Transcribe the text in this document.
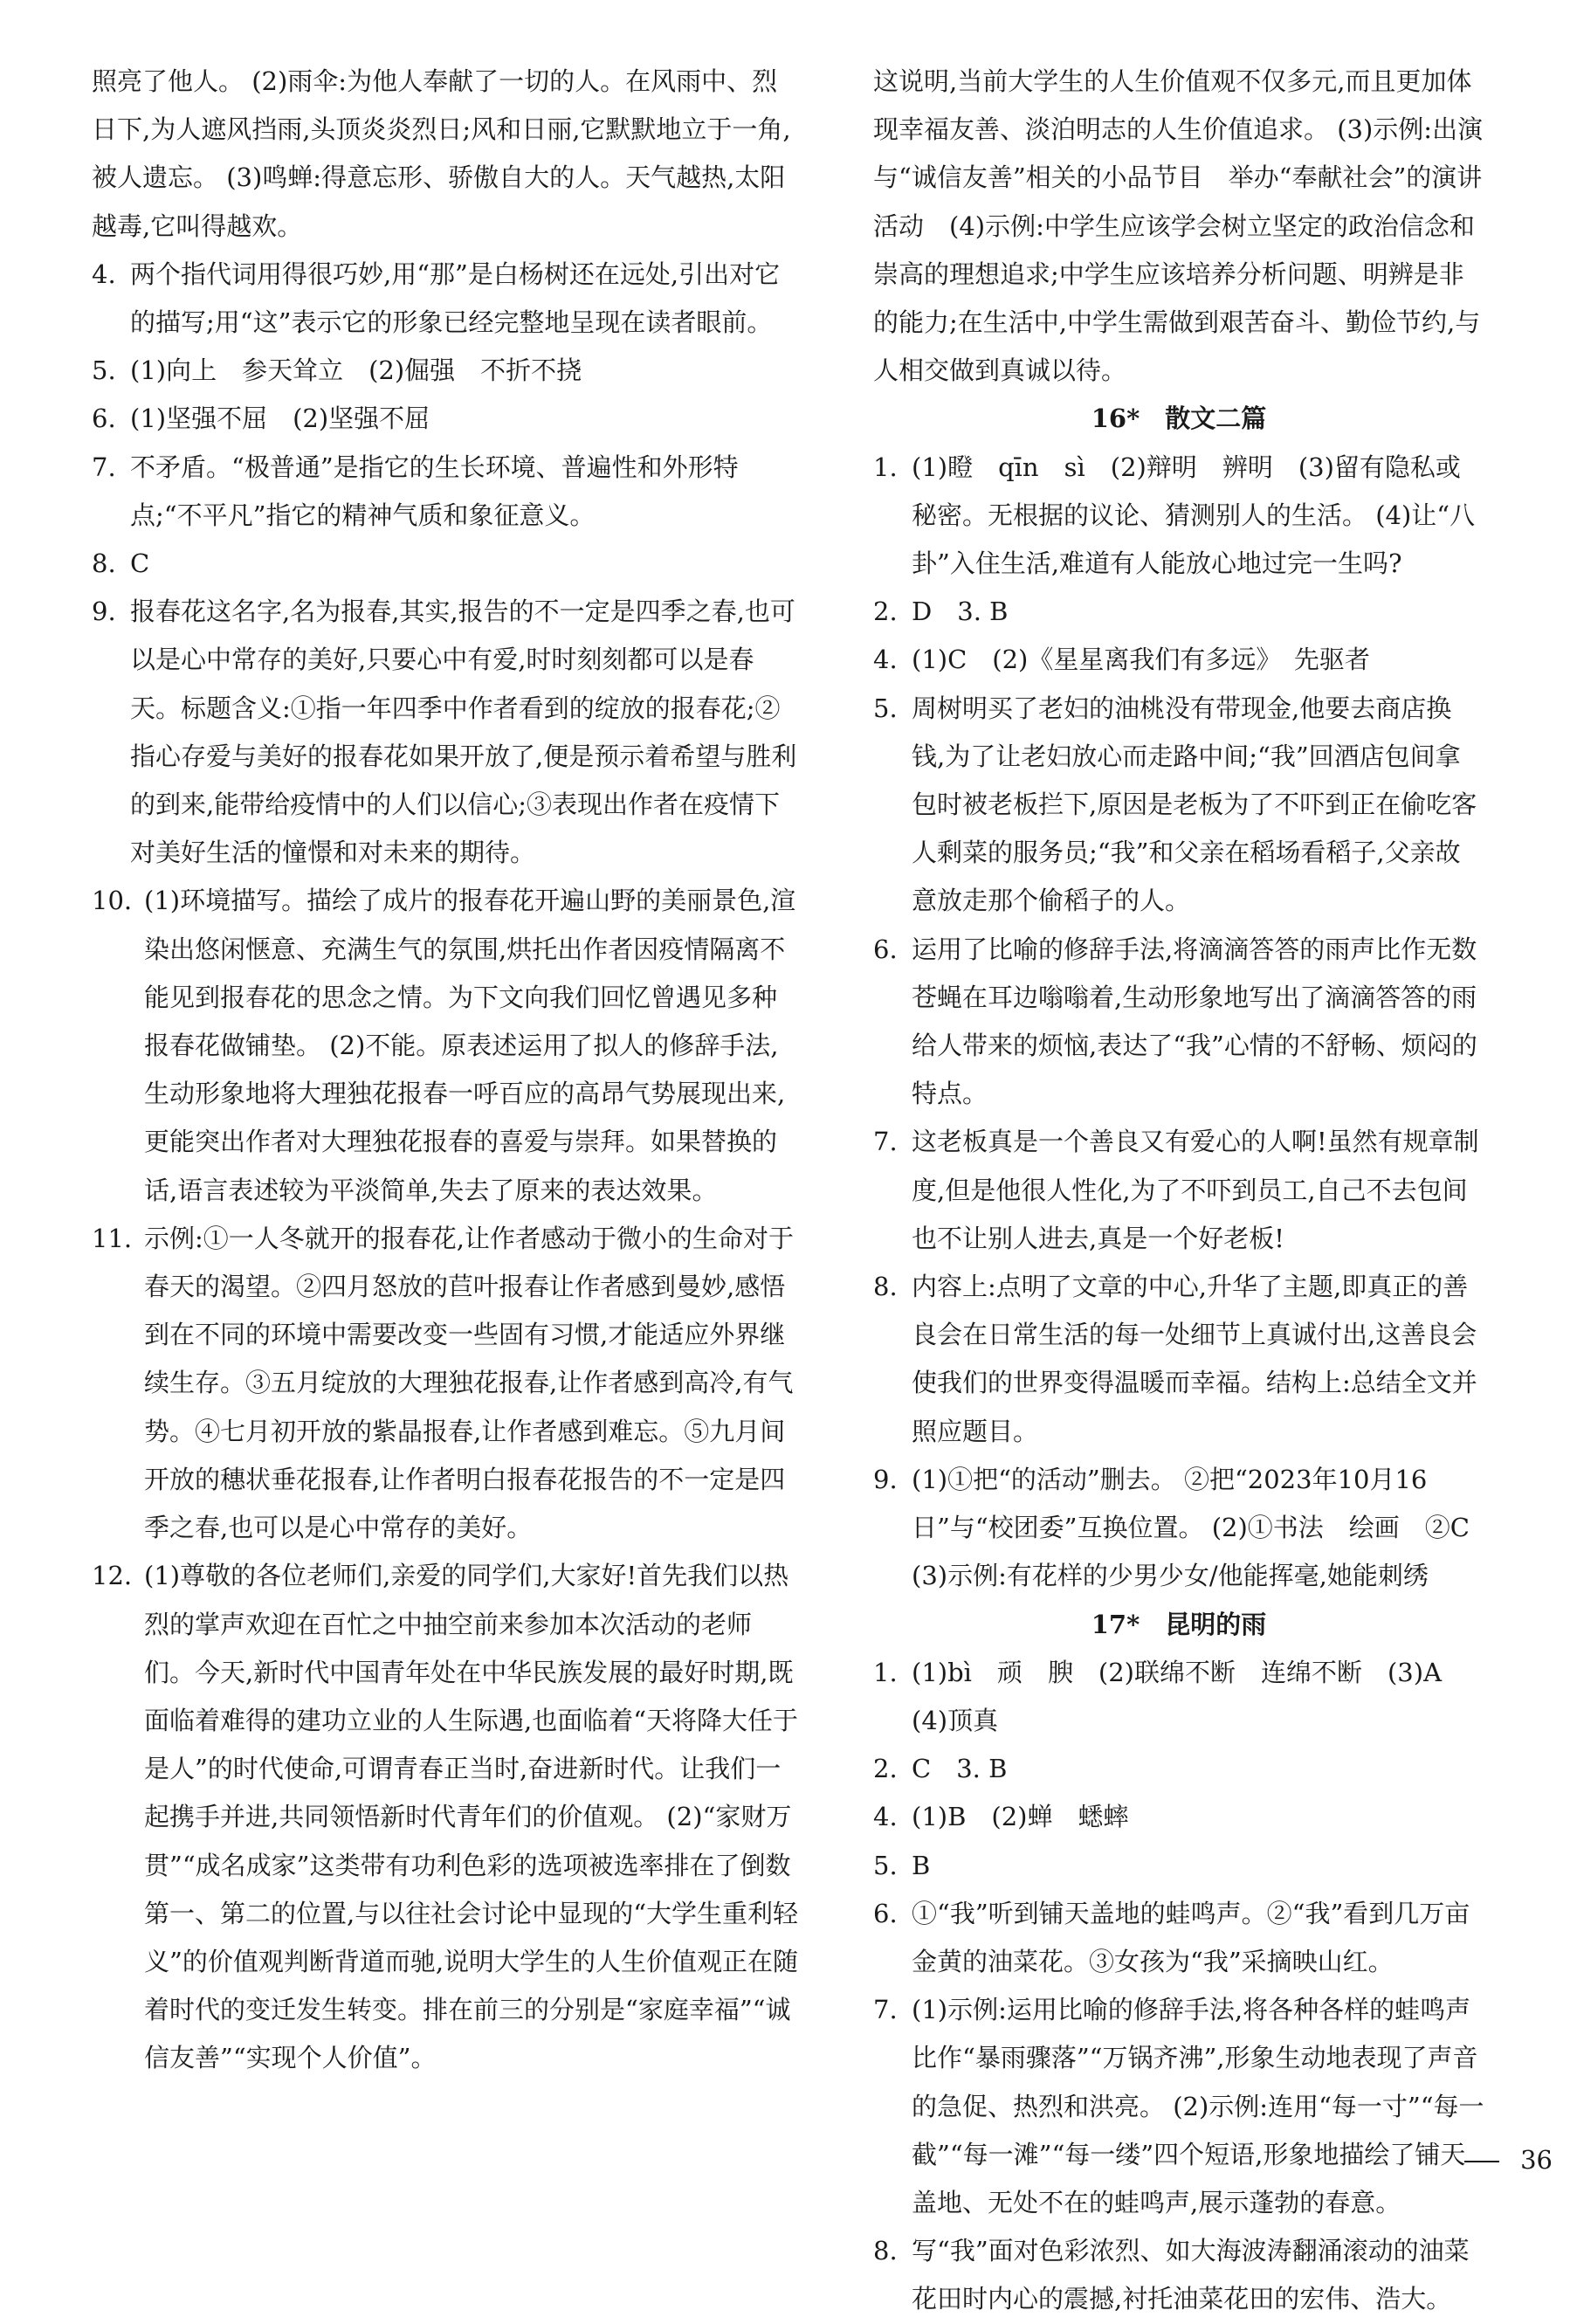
照亮了他人。 (2)雨伞:为他人奉献了一切的人。在风雨中、烈日下,为人遮风挡雨,头顶炎炎烈日;风和日丽,它默默地立于一角,被人遗忘。 (3)鸣蝉:得意忘形、骄傲自大的人。天气越热,太阳越毒,它叫得越欢。

4. 两个指代词用得很巧妙,用“那”是白杨树还在远处,引出对它的描写;用“这”表示它的形象已经完整地呈现在读者眼前。

5. (1)向上　参天耸立　(2)倔强　不折不挠

6. (1)坚强不屈　(2)坚强不屈

7. 不矛盾。“极普通”是指它的生长环境、普遍性和外形特点;“不平凡”指它的精神气质和象征意义。

8. C

9. 报春花这名字,名为报春,其实,报告的不一定是四季之春,也可以是心中常存的美好,只要心中有爱,时时刻刻都可以是春天。标题含义:①指一年四季中作者看到的绽放的报春花;②指心存爱与美好的报春花如果开放了,便是预示着希望与胜利的到来,能带给疫情中的人们以信心;③表现出作者在疫情下对美好生活的憧憬和对未来的期待。

10. (1)环境描写。描绘了成片的报春花开遍山野的美丽景色,渲染出悠闲惬意、充满生气的氛围,烘托出作者因疫情隔离不能见到报春花的思念之情。为下文向我们回忆曾遇见多种报春花做铺垫。 (2)不能。原表述运用了拟人的修辞手法,生动形象地将大理独花报春一呼百应的高昂气势展现出来,更能突出作者对大理独花报春的喜爱与崇拜。如果替换的话,语言表述较为平淡简单,失去了原来的表达效果。

11. 示例:①一人冬就开的报春花,让作者感动于微小的生命对于春天的渴望。②四月怒放的苣叶报春让作者感到曼妙,感悟到在不同的环境中需要改变一些固有习惯,才能适应外界继续生存。③五月绽放的大理独花报春,让作者感到高冷,有气势。④七月初开放的紫晶报春,让作者感到难忘。⑤九月间开放的穗状垂花报春,让作者明白报春花报告的不一定是四季之春,也可以是心中常存的美好。

12. (1)尊敬的各位老师们,亲爱的同学们,大家好!首先我们以热烈的掌声欢迎在百忙之中抽空前来参加本次活动的老师们。今天,新时代中国青年处在中华民族发展的最好时期,既面临着难得的建功立业的人生际遇,也面临着“天将降大任于是人”的时代使命,可谓青春正当时,奋进新时代。让我们一起携手并进,共同领悟新时代青年们的价值观。 (2)“家财万贯”“成名成家”这类带有功利色彩的选项被选率排在了倒数第一、第二的位置,与以往社会讨论中显现的“大学生重利轻义”的价值观判断背道而驰,说明大学生的人生价值观正在随着时代的变迁发生转变。排在前三的分别是“家庭幸福”“诚信友善”“实现个人价值”。

这说明,当前大学生的人生价值观不仅多元,而且更加体现幸福友善、淡泊明志的人生价值追求。 (3)示例:出演与“诚信友善”相关的小品节目　举办“奉献社会”的演讲活动　(4)示例:中学生应该学会树立坚定的政治信念和崇高的理想追求;中学生应该培养分析问题、明辨是非的能力;在生活中,中学生需做到艰苦奋斗、勤俭节约,与人相交做到真诚以待。

16*　散文二篇

1. (1)瞪　qīn　sì　(2)辩明　辨明　(3)留有隐私或秘密。无根据的议论、猜测别人的生活。 (4)让“八卦”入住生活,难道有人能放心地过完一生吗?

2. D　3. B

4. (1)C　(2)《星星离我们有多远》　先驱者

5. 周树明买了老妇的油桃没有带现金,他要去商店换钱,为了让老妇放心而走路中间;“我”回酒店包间拿包时被老板拦下,原因是老板为了不吓到正在偷吃客人剩菜的服务员;“我”和父亲在稻场看稻子,父亲故意放走那个偷稻子的人。

6. 运用了比喻的修辞手法,将滴滴答答的雨声比作无数苍蝇在耳边嗡嗡着,生动形象地写出了滴滴答答的雨给人带来的烦恼,表达了“我”心情的不舒畅、烦闷的特点。

7. 这老板真是一个善良又有爱心的人啊!虽然有规章制度,但是他很人性化,为了不吓到员工,自己不去包间也不让别人进去,真是一个好老板!

8. 内容上:点明了文章的中心,升华了主题,即真正的善良会在日常生活的每一处细节上真诚付出,这善良会使我们的世界变得温暖而幸福。结构上:总结全文并照应题目。

9. (1)①把“的活动”删去。 ②把“2023年10月16日”与“校团委”互换位置。 (2)①书法　绘画　②C　(3)示例:有花样的少男少女/他能挥毫,她能刺绣

17*　昆明的雨

1. (1)bì　顽　腴　(2)联绵不断　连绵不断　(3)A　(4)顶真

2. C　3. B

4. (1)B　(2)蝉　蟋蟀

5. B

6. ①“我”听到铺天盖地的蛙鸣声。②“我”看到几万亩金黄的油菜花。③女孩为“我”采摘映山红。

7. (1)示例:运用比喻的修辞手法,将各种各样的蛙鸣声比作“暴雨骤落”“万锅齐沸”,形象生动地表现了声音的急促、热烈和洪亮。 (2)示例:连用“每一寸”“每一截”“每一滩”“每一缕”四个短语,形象地描绘了铺天盖地、无处不在的蛙鸣声,展示蓬勃的春意。

8. 写“我”面对色彩浓烈、如大海波涛翻涌滚动的油菜花田时内心的震撼,衬托油菜花田的宏伟、浩大。

36
